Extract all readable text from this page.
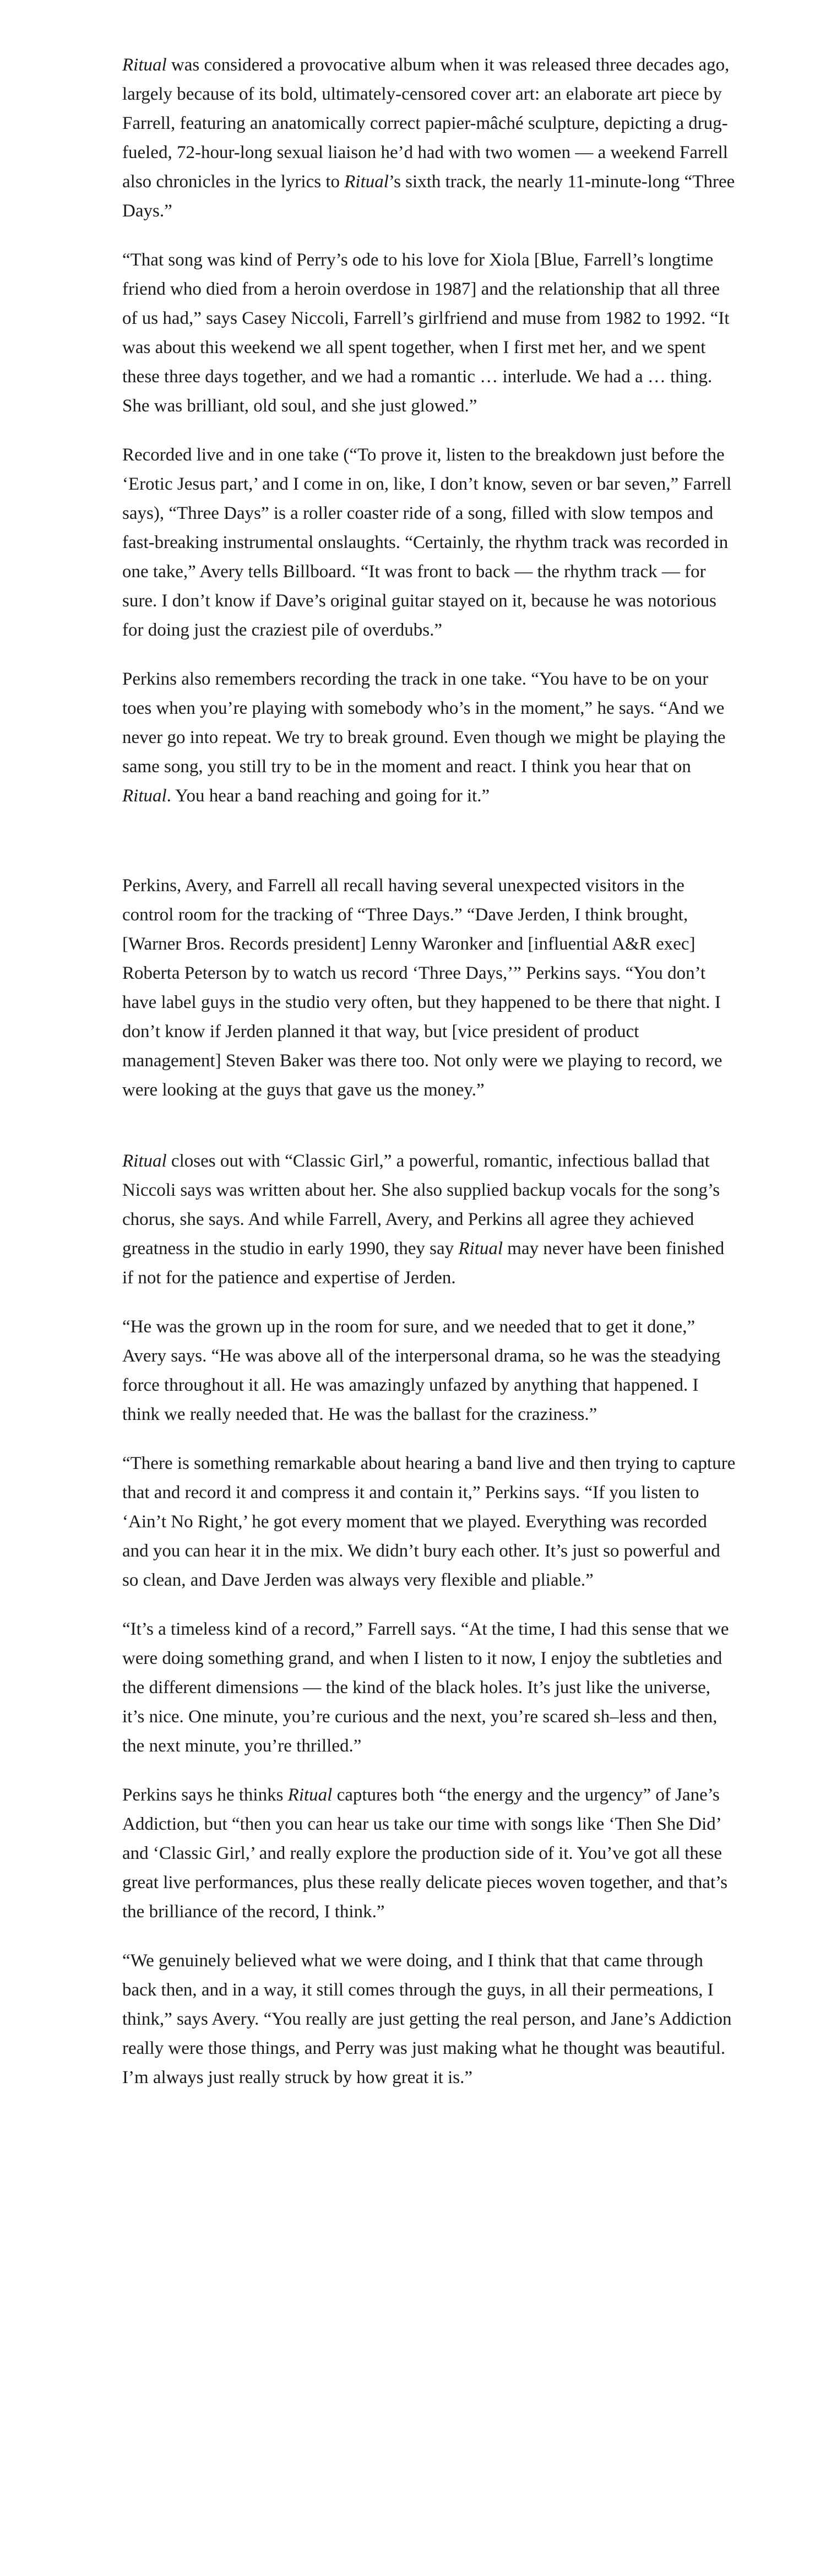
Ritual was considered a provocative album when it was released three decades ago, largely because of its bold, ultimately-censored cover art: an elaborate art piece by Farrell, featuring an anatomically correct papier-mâché sculpture, depicting a drug-fueled, 72-hour-long sexual liaison he’d had with two women — a weekend Farrell also chronicles in the lyrics to Ritual’s sixth track, the nearly 11-minute-long “Three Days.”

“That song was kind of Perry’s ode to his love for Xiola [Blue, Farrell’s longtime friend who died from a heroin overdose in 1987] and the relationship that all three of us had,” says Casey Niccoli, Farrell’s girlfriend and muse from 1982 to 1992. “It was about this weekend we all spent together, when I first met her, and we spent these three days together, and we had a romantic … interlude. We had a … thing. She was brilliant, old soul, and she just glowed.”

Recorded live and in one take (“To prove it, listen to the breakdown just before the ‘Erotic Jesus part,’ and I come in on, like, I don’t know, seven or bar seven,” Farrell says), “Three Days” is a roller coaster ride of a song, filled with slow tempos and fast-breaking instrumental onslaughts. “Certainly, the rhythm track was recorded in one take,” Avery tells Billboard. “It was front to back — the rhythm track — for sure. I don’t know if Dave’s original guitar stayed on it, because he was notorious for doing just the craziest pile of overdubs.”

Perkins also remembers recording the track in one take. “You have to be on your toes when you’re playing with somebody who’s in the moment,” he says. “And we never go into repeat. We try to break ground. Even though we might be playing the same song, you still try to be in the moment and react. I think you hear that on Ritual. You hear a band reaching and going for it.”

Perkins, Avery, and Farrell all recall having several unexpected visitors in the control room for the tracking of “Three Days.” “Dave Jerden, I think brought, [Warner Bros. Records president] Lenny Waronker and [influential A&R exec] Roberta Peterson by to watch us record ‘Three Days,’” Perkins says. “You don’t have label guys in the studio very often, but they happened to be there that night. I don’t know if Jerden planned it that way, but [vice president of product management] Steven Baker was there too. Not only were we playing to record, we were looking at the guys that gave us the money.”

Ritual closes out with “Classic Girl,” a powerful, romantic, infectious ballad that Niccoli says was written about her. She also supplied backup vocals for the song’s chorus, she says. And while Farrell, Avery, and Perkins all agree they achieved greatness in the studio in early 1990, they say Ritual may never have been finished if not for the patience and expertise of Jerden.

“He was the grown up in the room for sure, and we needed that to get it done,” Avery says. “He was above all of the interpersonal drama, so he was the steadying force throughout it all. He was amazingly unfazed by anything that happened. I think we really needed that. He was the ballast for the craziness.”

“There is something remarkable about hearing a band live and then trying to capture that and record it and compress it and contain it,” Perkins says. “If you listen to ‘Ain’t No Right,’ he got every moment that we played. Everything was recorded and you can hear it in the mix. We didn’t bury each other. It’s just so powerful and so clean, and Dave Jerden was always very flexible and pliable.”

“It’s a timeless kind of a record,” Farrell says. “At the time, I had this sense that we were doing something grand, and when I listen to it now, I enjoy the subtleties and the different dimensions — the kind of the black holes. It’s just like the universe, it’s nice. One minute, you’re curious and the next, you’re scared sh–less and then, the next minute, you’re thrilled.”

Perkins says he thinks Ritual captures both “the energy and the urgency” of Jane’s Addiction, but “then you can hear us take our time with songs like ‘Then She Did’ and ‘Classic Girl,’ and really explore the production side of it. You’ve got all these great live performances, plus these really delicate pieces woven together, and that’s the brilliance of the record, I think.”

“We genuinely believed what we were doing, and I think that that came through back then, and in a way, it still comes through the guys, in all their permeations, I think,” says Avery. “You really are just getting the real person, and Jane’s Addiction really were those things, and Perry was just making what he thought was beautiful. I’m always just really struck by how great it is.”
